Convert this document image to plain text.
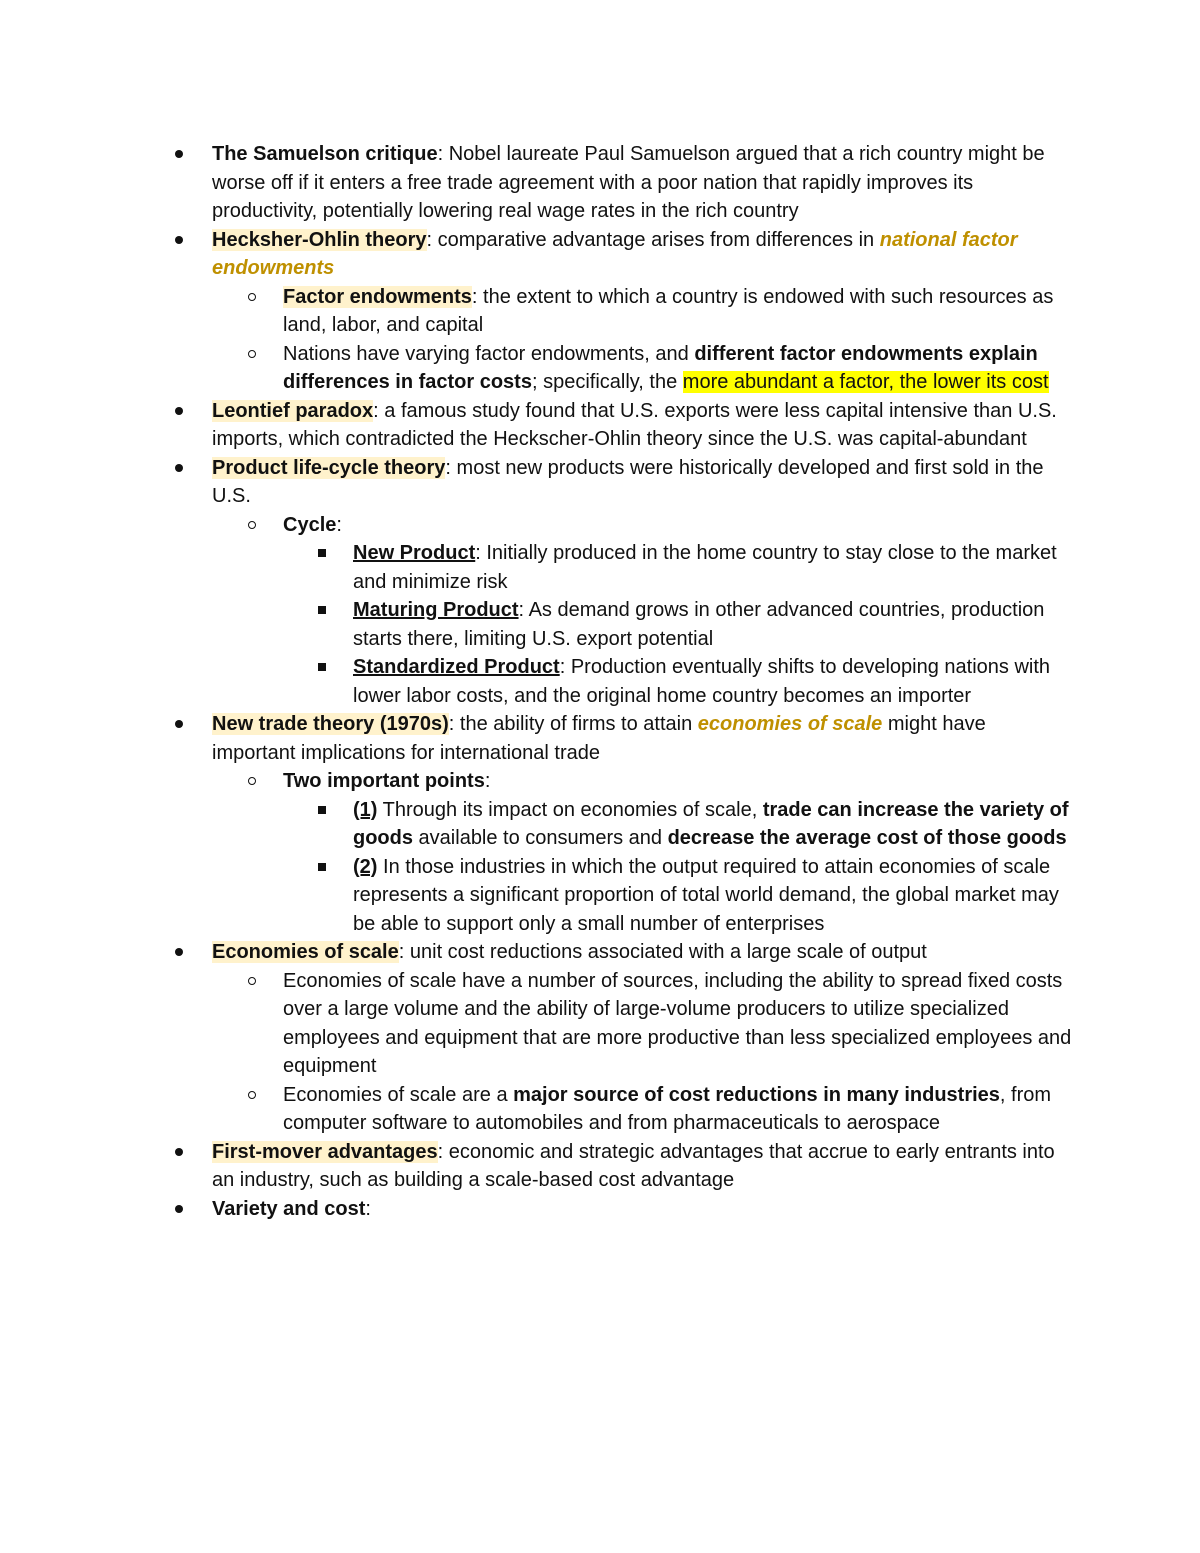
The Samuelson critique: Nobel laureate Paul Samuelson argued that a rich country might be worse off if it enters a free trade agreement with a poor nation that rapidly improves its productivity, potentially lowering real wage rates in the rich country
Hecksher-Ohlin theory: comparative advantage arises from differences in national factor endowments
Factor endowments: the extent to which a country is endowed with such resources as land, labor, and capital
Nations have varying factor endowments, and different factor endowments explain differences in factor costs; specifically, the more abundant a factor, the lower its cost
Leontief paradox: a famous study found that U.S. exports were less capital intensive than U.S. imports, which contradicted the Heckscher-Ohlin theory since the U.S. was capital-abundant
Product life-cycle theory: most new products were historically developed and first sold in the U.S.
Cycle:
New Product: Initially produced in the home country to stay close to the market and minimize risk
Maturing Product: As demand grows in other advanced countries, production starts there, limiting U.S. export potential
Standardized Product: Production eventually shifts to developing nations with lower labor costs, and the original home country becomes an importer
New trade theory (1970s): the ability of firms to attain economies of scale might have important implications for international trade
Two important points:
(1) Through its impact on economies of scale, trade can increase the variety of goods available to consumers and decrease the average cost of those goods
(2) In those industries in which the output required to attain economies of scale represents a significant proportion of total world demand, the global market may be able to support only a small number of enterprises
Economies of scale: unit cost reductions associated with a large scale of output
Economies of scale have a number of sources, including the ability to spread fixed costs over a large volume and the ability of large-volume producers to utilize specialized employees and equipment that are more productive than less specialized employees and equipment
Economies of scale are a major source of cost reductions in many industries, from computer software to automobiles and from pharmaceuticals to aerospace
First-mover advantages: economic and strategic advantages that accrue to early entrants into an industry, such as building a scale-based cost advantage
Variety and cost:
